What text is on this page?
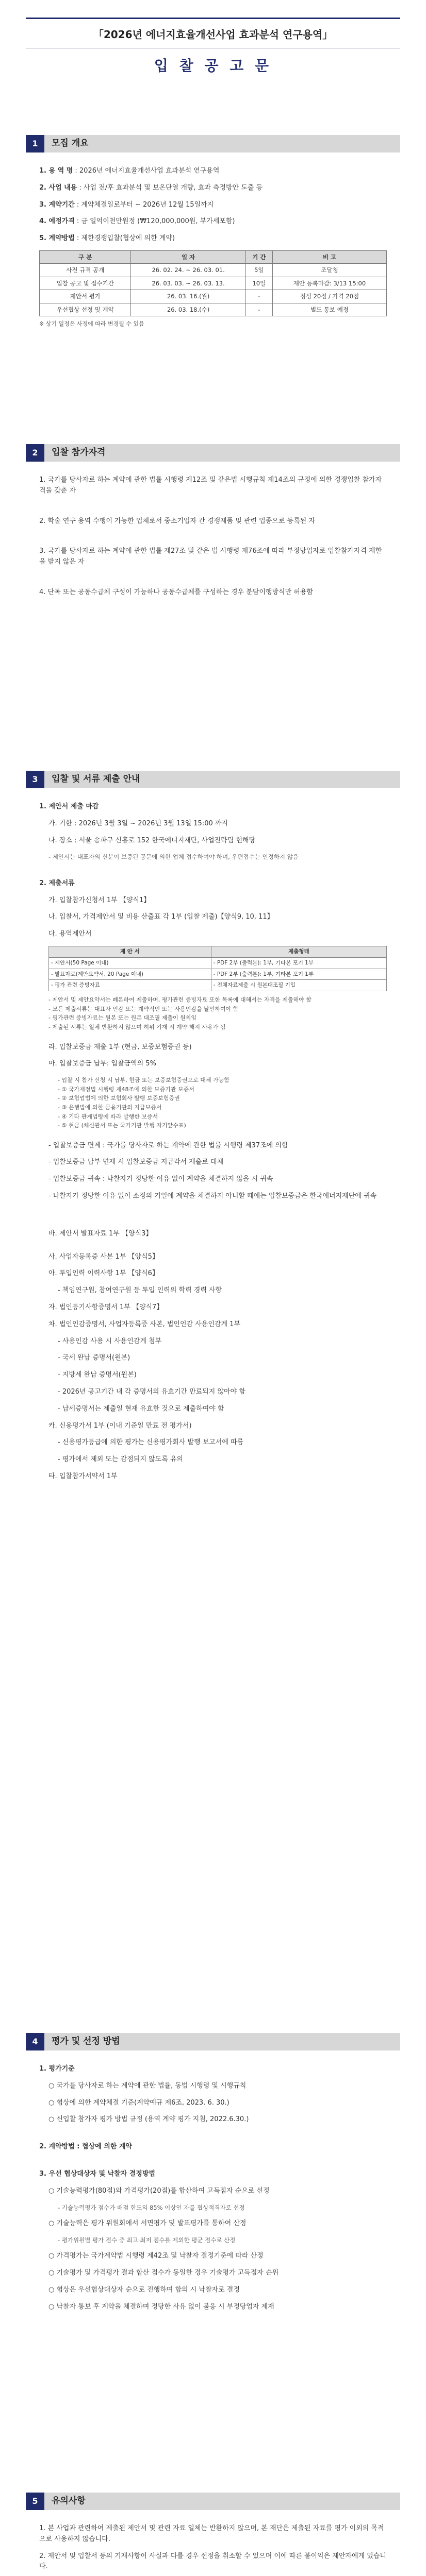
「2026년 에너지효율개선사업 효과분석 연구용역」
입 찰 공 고 문
1	모집 개요
1. 용 역 명 : 2026년 에너지효율개선사업 효과분석 연구용역
2. 사업 내용 : 사업 전/후 효과분석 및 보온단열 개량, 효과 측정방안 도출 등
3. 계약기간 : 계약체결일로부터 ~ 2026년 12월 15일까지
4. 예정가격 : 금 일억이천만원정 (₩120,000,000원, 부가세포함)
5. 계약방법 : 제한경쟁입찰(협상에 의한 계약)
구 분	일 자	기 간	비 고
사전 규격 공개	26. 02. 24. ~ 26. 03. 01.	5일	조달청
입찰 공고 및 접수기간	26. 03. 03. ~ 26. 03. 13.	10일	제안 등록마감: 3/13 15:00
제안서 평가	26. 03. 16.(월)	-	정성 20점 / 가격 20점
우선협상 선정 및 계약	26. 03. 18.(수)	-	별도 통보 예정
※ 상기 일정은 사정에 따라 변경될 수 있음
2	입찰 참가자격
1. 국가를 당사자로 하는 계약에 관한 법률 시행령 제12조 및 같은법 시행규칙 제14조의 규정에 의한 경쟁입찰 참가자격을 갖춘 자
2. 학술 연구 용역 수행이 가능한 업체로서 중소기업자 간 경쟁제품 및 관련 업종으로 등록된 자
3. 국가를 당사자로 하는 계약에 관한 법률 제27조 및 같은 법 시행령 제76조에 따라 부정당업자로 입찰참가자격 제한을 받지 않은 자
4. 단독 또는 공동수급체 구성이 가능하나 공동수급체를 구성하는 경우 분담이행방식만 허용함
3	입찰 및 서류 제출 안내
1. 제안서 제출 마감
가. 기한 : 2026년 3월 3일 ~ 2026년 3월 13일 15:00 까지
나. 장소 : 서울 송파구 신흥로 152 한국에너지재단, 사업전략팀 현해당
- 제안서는 대표자의 신분이 보증된 공문에 의한 업체 접수하여야 하며, 우편접수는 인정하지 않음
2. 제출서류
가. 입찰참가신청서 1부 【양식1】
나. 입찰서, 가격제안서 및 비용 산출표 각 1부 (입찰 제출)【양식9, 10, 11】
다. 용역제안서
제 안 서	제출형태
- 제안서(50 Page 이내)	- PDF 2부 (출력본): 1부, 기타본 포기 1부
- 발표자료(제안요약서, 20 Page 이내)	- PDF 2부 (출력본): 1부, 기타본 포기 1부
- 평가 관련 증빙자료	- 전체자료제출 시 원본대조필 기입
- 제안서 및 제안요약서는 폐본하여 제출하며, 평가관련 증빙자료 또한 목록에 대해서는 자격을 제출해야 함
- 모든 제출서류는 대표자 인감 또는 계약직인 또는 사용인감을 날인하여야 함
- 평가관련 증빙자료는 원본 또는 원본 대조필 제출이 원칙임
- 제출된 서류는 일체 반환하지 않으며 허위 기재 시 계약 해지 사유가 됨
라. 입찰보증금 제출 1부 (현금, 보증보험증권 등)
마. 입찰보증금 납부: 입찰금액의 5%
- 입찰 시 참가 신청 시 납부, 현금 또는 보증보험증권으로 대체 가능함
- ① 국가재정법 시행령 제48조에 의한 보증기관 보증서
- ② 보험업법에 의한 보험회사 발행 보증보험증권
- ③ 은행법에 의한 금융기관의 지급보증서
- ④ 기타 관계법령에 따라 발행한 보증서
- ⑤ 현금 (체신관서 또는 국가기관 발행 자기앞수표)
- 입찰보증금 면제 : 국가를 당사자로 하는 계약에 관한 법률 시행령 제37조에 의함
- 입찰보증금 납부 면제 시 입찰보증금 지급각서 제출로 대체
- 입찰보증금 귀속 : 낙찰자가 정당한 이유 없이 계약을 체결하지 않을 시 귀속
- 나찰자가 정당한 이유 없이 소정의 기일에 계약을 체결하지 아니할 때에는 입찰보증금은 한국에너지재단에 귀속
바. 제안서 발표자료 1부 【양식3】
사. 사업자등록증 사본 1부 【양식5】
아. 투입인력 이력사항 1부 【양식6】
- 책임연구원, 참여연구원 등 투입 인력의 학력 경력 사항
자. 법인등기사항증명서 1부 【양식7】
차. 법인인감증명서, 사업자등록증 사본, 법인인감 사용인감계 1부
- 사용인감 사용 시 사용인감계 첨부
- 국세 완납 증명서(원본)
- 지방세 완납 증명서(원본)
- 2026년 공고기간 내 각 증명서의 유효기간 만료되지 않아야 함
- 납세증명서는 제출일 현재 유효한 것으로 제출하여야 함
카. 신용평가서 1부 (이내 기준일 만료 전 평가서)
- 신용평가등급에 의한 평가는 신용평가회사 발행 보고서에 따름
- 평가에서 제외 또는 감점되지 않도록 유의
타. 입찰참가서약서 1부
4	평가 및 선정 방법
1. 평가기준
○ 국가를 당사자로 하는 계약에 관한 법률, 동법 시행령 및 시행규칙
○ 협상에 의한 계약체결 기준(계약예규 제6조, 2023. 6. 30.)
○ 신입찰 참가자 평가 방법 규정 (용역 계약 평가 지침, 2022.6.30.)
2. 계약방법 : 협상에 의한 계약
3. 우선 협상대상자 및 낙찰자 결정방법
○ 기술능력평가(80점)와 가격평가(20점)를 합산하여 고득점자 순으로 선정
- 기술능력평가 점수가 배점 한도의 85% 이상인 자를 협상적격자로 선정
○ 기술능력은 평가 위원회에서 서면평가 및 발표평가를 통하여 산정
- 평가위원별 평가 점수 중 최고·최저 점수를 제외한 평균 점수로 산정
○ 가격평가는 국가계약법 시행령 제42조 및 낙찰자 결정기준에 따라 산정
○ 기술평가 및 가격평가 결과 합산 점수가 동일한 경우 기술평가 고득점자 순위
○ 협상은 우선협상대상자 순으로 진행하며 합의 시 낙찰자로 결정
○ 낙찰자 통보 후 계약을 체결하며 정당한 사유 없이 불응 시 부정당업자 제재
5	유의사항
1. 본 사업과 관련하여 제출된 제안서 및 관련 자료 일체는 반환하지 않으며, 본 재단은 제출된 자료를 평가 이외의 목적으로 사용하지 않습니다.
2. 제안서 및 입찰서 등의 기재사항이 사실과 다를 경우 선정을 취소할 수 있으며 이에 따른 불이익은 제안자에게 있습니다.
